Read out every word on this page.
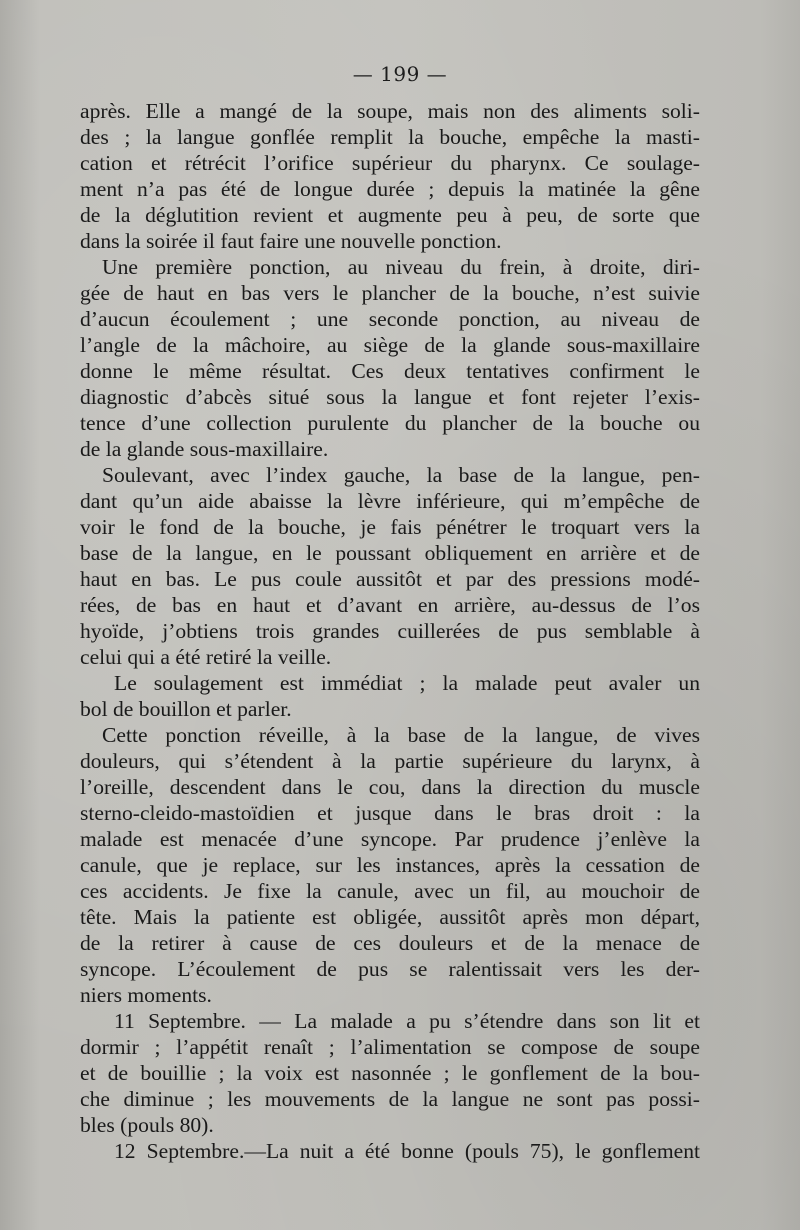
— 199 —

après. Elle a mangé de la soupe, mais non des aliments soli-
des ; la langue gonflée remplit la bouche, empêche la masti-
cation et rétrécit l’orifice supérieur du pharynx. Ce soulage-
ment n’a pas été de longue durée ; depuis la matinée la gêne
de la déglutition revient et augmente peu à peu, de sorte que
dans la soirée il faut faire une nouvelle ponction.

Une première ponction, au niveau du frein, à droite, diri-
gée de haut en bas vers le plancher de la bouche, n’est suivie
d’aucun écoulement ; une seconde ponction, au niveau de
l’angle de la mâchoire, au siège de la glande sous-maxillaire
donne le même résultat. Ces deux tentatives confirment le
diagnostic d’abcès situé sous la langue et font rejeter l’exis-
tence d’une collection purulente du plancher de la bouche ou
de la glande sous-maxillaire.

Soulevant, avec l’index gauche, la base de la langue, pen-
dant qu’un aide abaisse la lèvre inférieure, qui m’empêche de
voir le fond de la bouche, je fais pénétrer le troquart vers la
base de la langue, en le poussant obliquement en arrière et de
haut en bas. Le pus coule aussitôt et par des pressions modé-
rées, de bas en haut et d’avant en arrière, au-dessus de l’os
hyoïde, j’obtiens trois grandes cuillerées de pus semblable à
celui qui a été retiré la veille.

Le soulagement est immédiat ; la malade peut avaler un
bol de bouillon et parler.

Cette ponction réveille, à la base de la langue, de vives
douleurs, qui s’étendent à la partie supérieure du larynx, à
l’oreille, descendent dans le cou, dans la direction du muscle
sterno-cleido-mastoïdien et jusque dans le bras droit : la
malade est menacée d’une syncope. Par prudence j’enlève la
canule, que je replace, sur les instances, après la cessation de
ces accidents. Je fixe la canule, avec un fil, au mouchoir de
tête. Mais la patiente est obligée, aussitôt après mon départ,
de la retirer à cause de ces douleurs et de la menace de
syncope. L’écoulement de pus se ralentissait vers les der-
niers moments.

11 Septembre. — La malade a pu s’étendre dans son lit et
dormir ; l’appétit renaît ; l’alimentation se compose de soupe
et de bouillie ; la voix est nasonnée ; le gonflement de la bou-
che diminue ; les mouvements de la langue ne sont pas possi-
bles (pouls 80).

12 Septembre.—La nuit a été bonne (pouls 75), le gonflement
